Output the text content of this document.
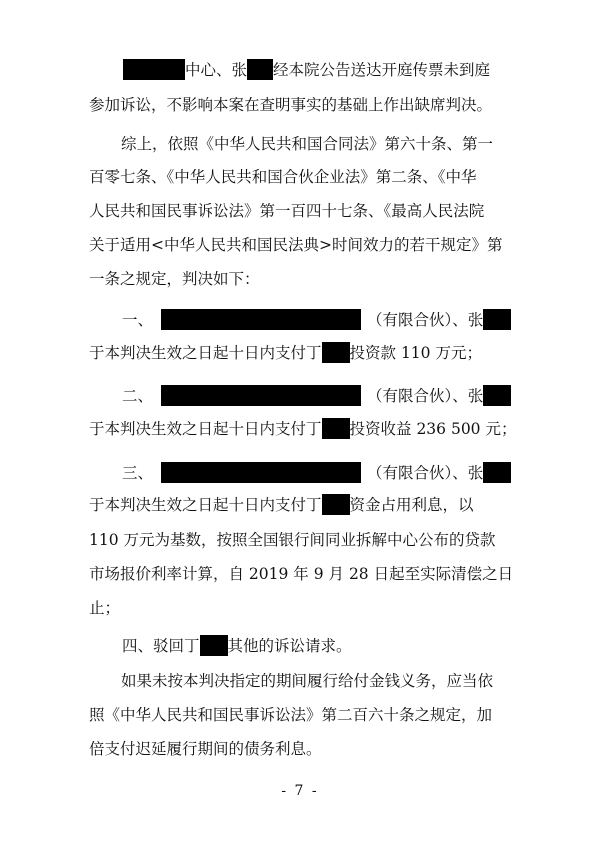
中心、张 经本院公告送达开庭传票未到庭
参加诉讼，不影响本案在查明事实的基础上作出缺席判决。
综上，依照《中华人民共和国合同法》第六十条、第一
百零七条、《中华人民共和国合伙企业法》第二条、《中华
人民共和国民事诉讼法》第一百四十七条、《最高人民法院
关于适用<中华人民共和国民法典>时间效力的若干规定》第
一条之规定，判决如下：
一、	（有限合伙）、张
于本判决生效之日起十日内支付丁 投资款 110 万元；
二、	（有限合伙）、张
于本判决生效之日起十日内支付丁 投资收益 236 500 元；
三、	（有限合伙）、张
于本判决生效之日起十日内支付丁 资金占用利息，以
110 万元为基数，按照全国银行间同业拆解中心公布的贷款
市场报价利率计算，自 2019 年 9 月 28 日起至实际清偿之日
止；
四、驳回丁 其他的诉讼请求。
如果未按本判决指定的期间履行给付金钱义务，应当依
照《中华人民共和国民事诉讼法》第二百六十条之规定，加
倍支付迟延履行期间的债务利息。
- 7 -
